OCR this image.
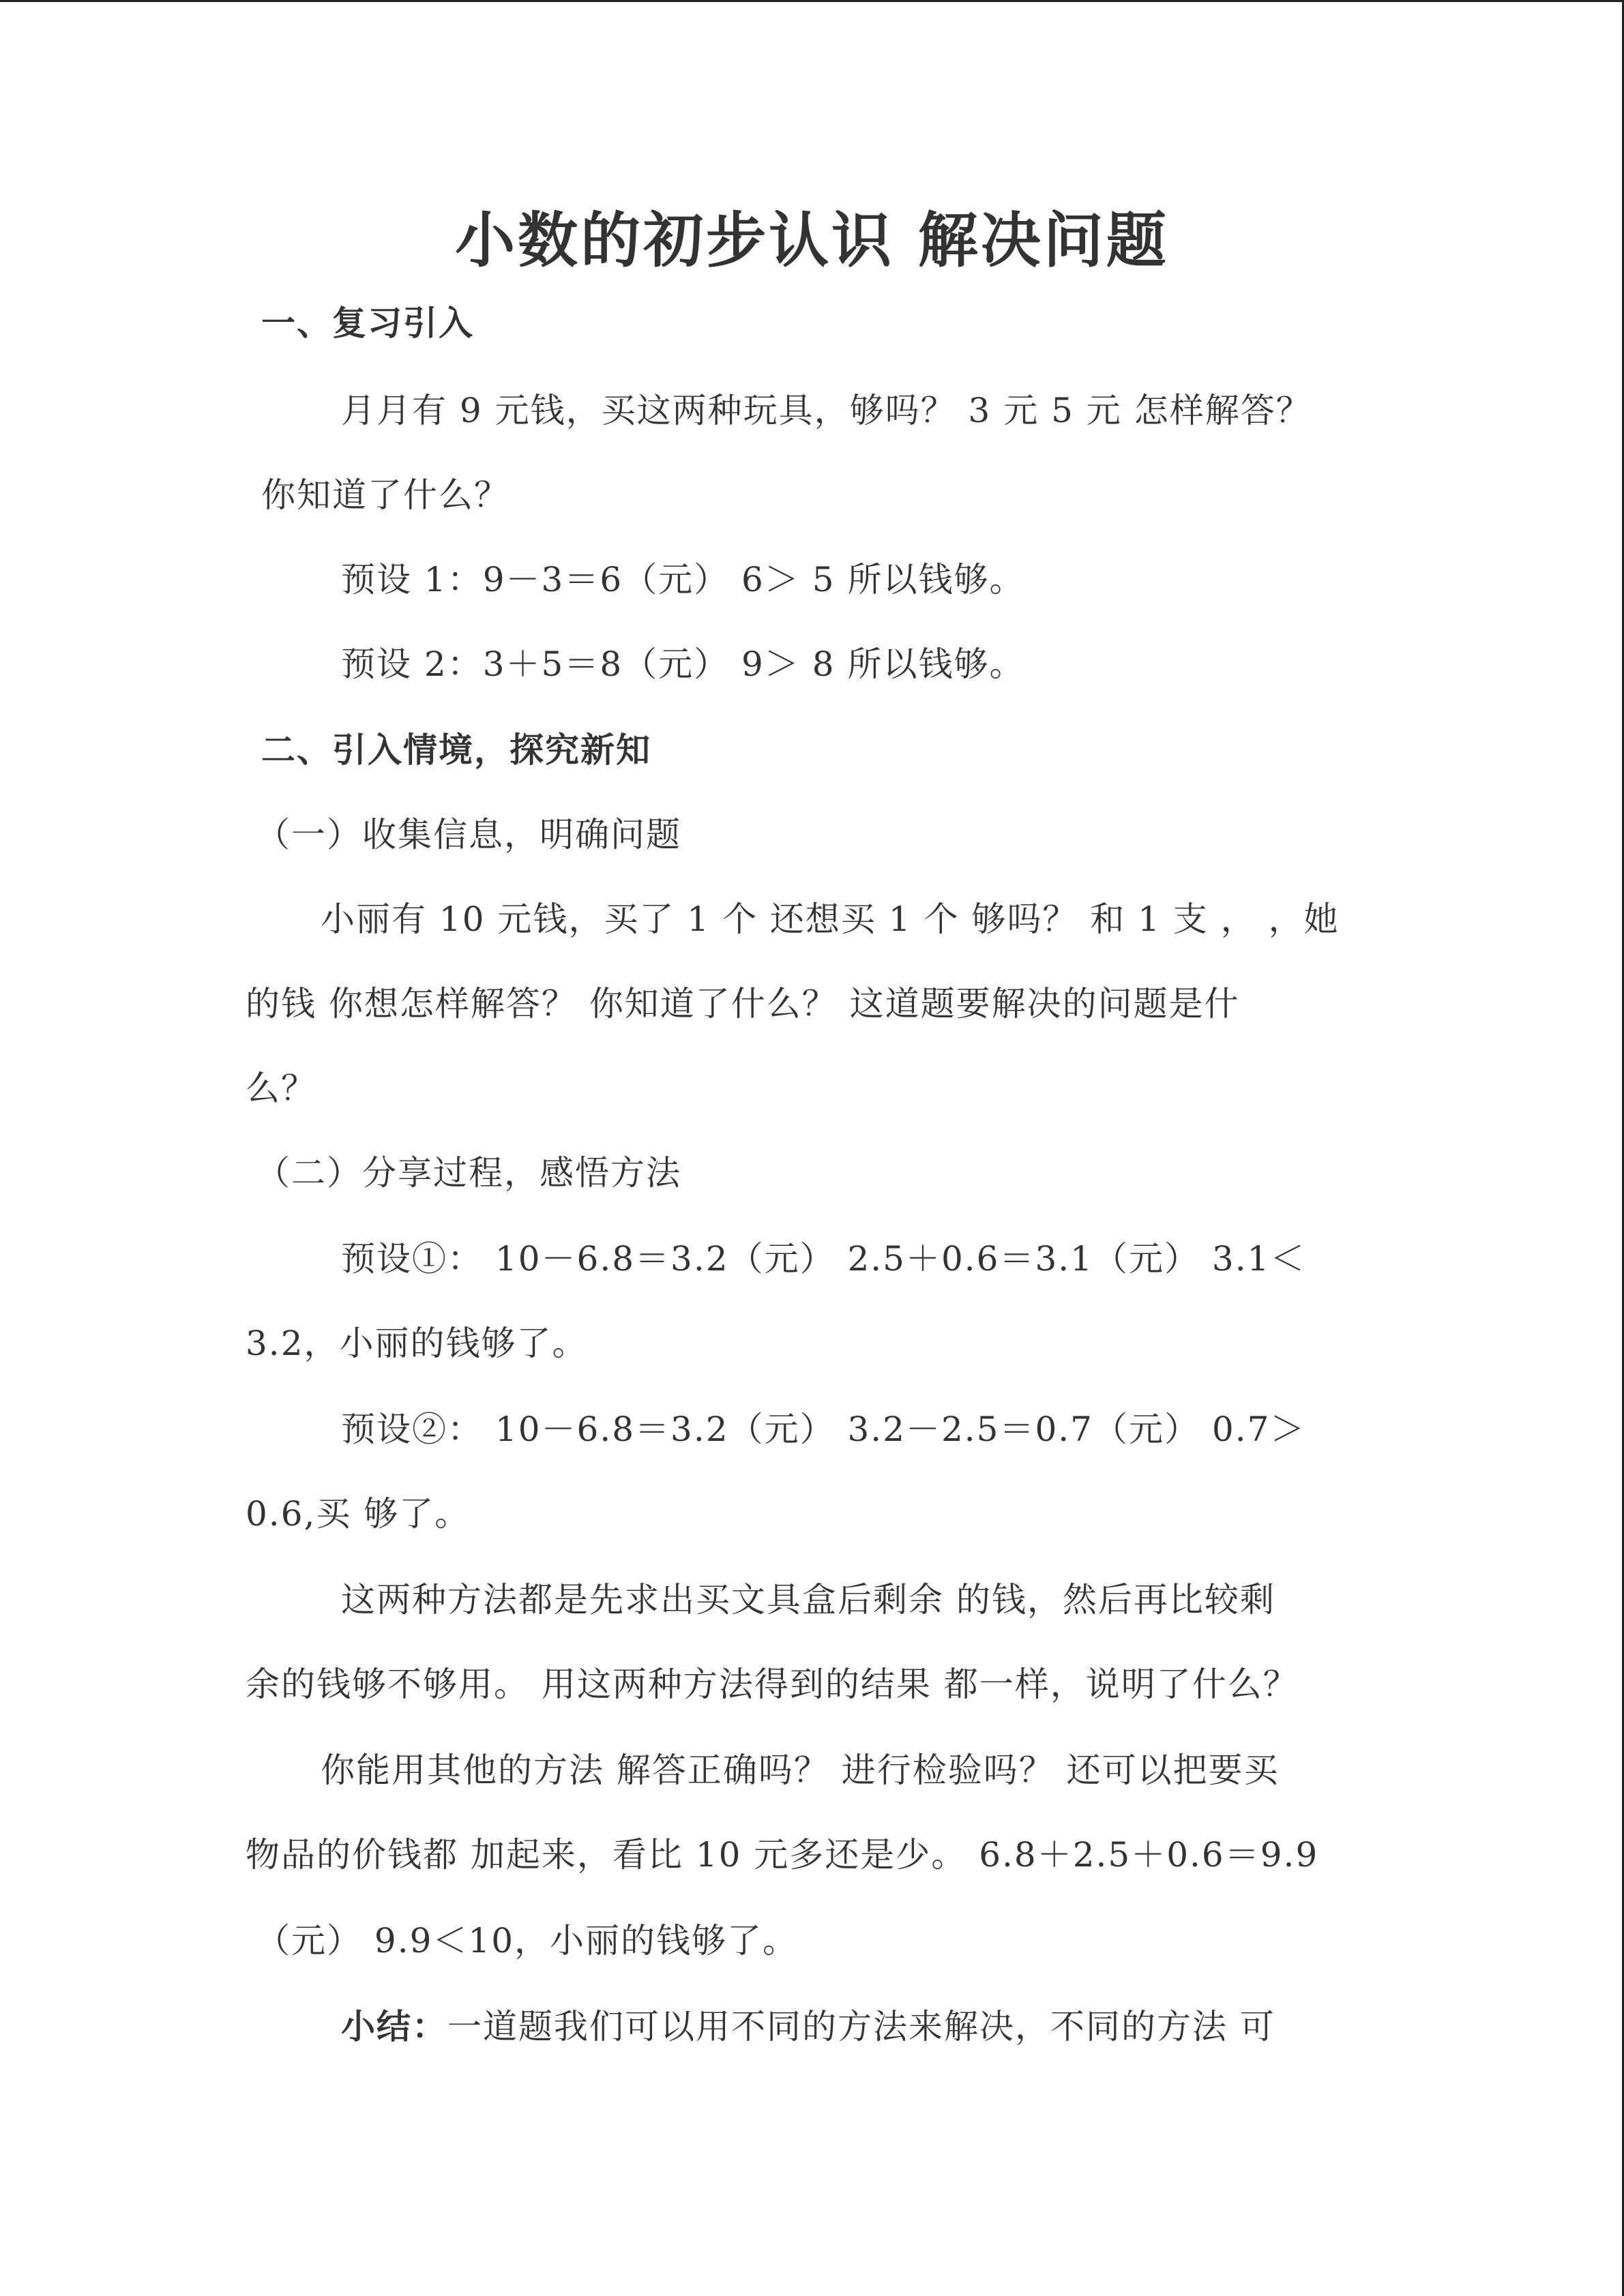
小数的初步认识 解决问题
一、复习引入
月月有 9 元钱，买这两种玩具，够吗？ 3 元 5 元 怎样解答？
你知道了什么？
预设 1：9－3＝6（元） 6＞ 5 所以钱够。
预设 2：3＋5＝8（元） 9＞ 8 所以钱够。
二、引入情境，探究新知
（一）收集信息，明确问题
小丽有 10 元钱，买了 1 个 还想买 1 个 够吗？ 和 1 支 ， ，她
的钱 你想怎样解答？ 你知道了什么？ 这道题要解决的问题是什
么？
（二）分享过程，感悟方法
预设①： 10－6.8＝3.2（元） 2.5＋0.6＝3.1（元） 3.1＜
3.2，小丽的钱够了。
预设②： 10－6.8＝3.2（元） 3.2－2.5＝0.7（元） 0.7＞
0.6,买 够了。
这两种方法都是先求出买文具盒后剩余 的钱，然后再比较剩
余的钱够不够用。 用这两种方法得到的结果 都一样，说明了什么？
你能用其他的方法 解答正确吗？ 进行检验吗？ 还可以把要买
物品的价钱都 加起来，看比 10 元多还是少。 6.8＋2.5＋0.6＝9.9
（元） 9.9＜10，小丽的钱够了。
小结：一道题我们可以用不同的方法来解决，不同的方法 可
